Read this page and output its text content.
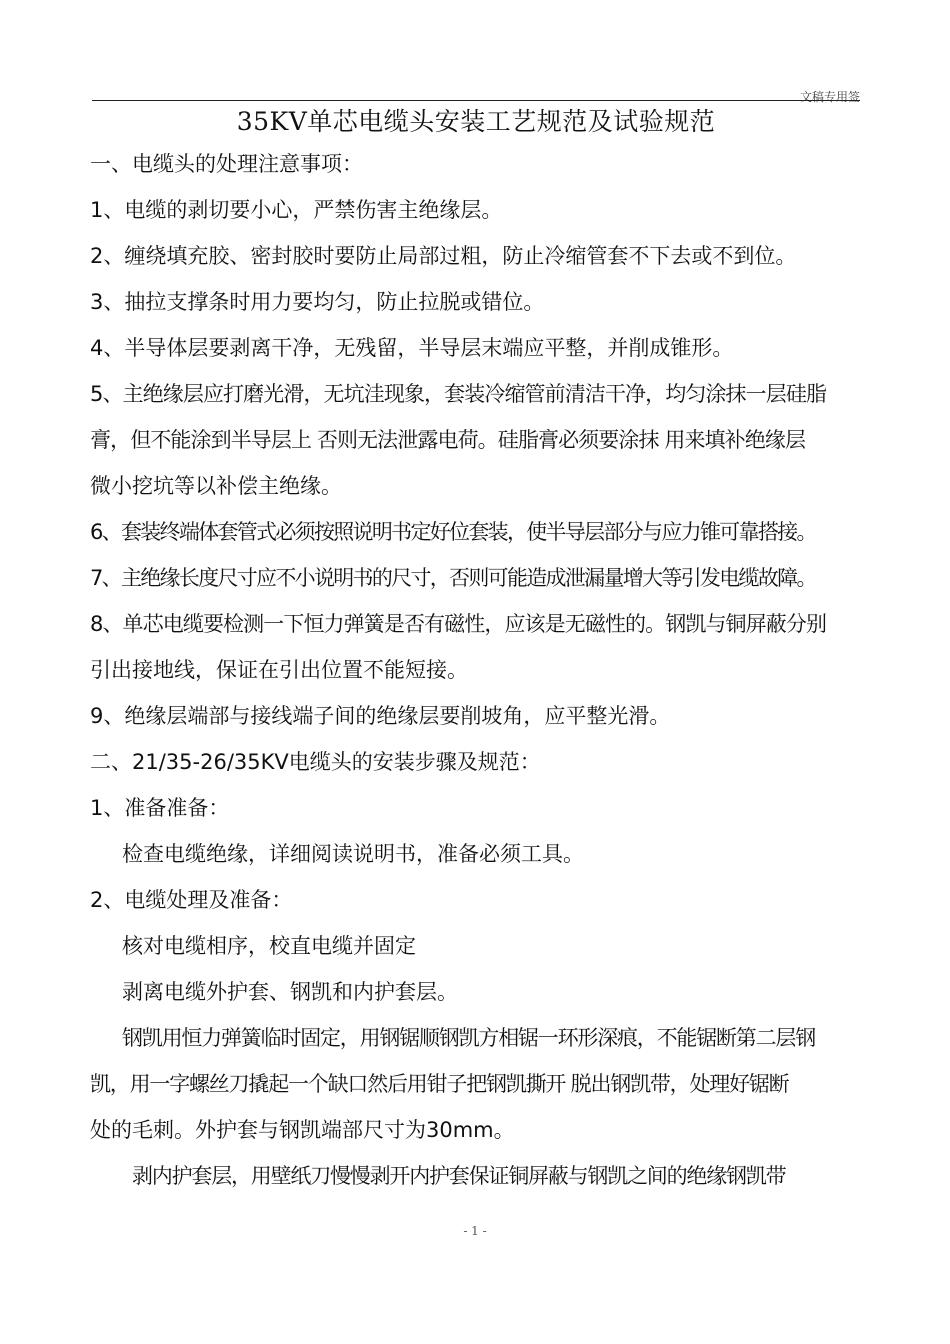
文稿专用签
35KV单芯电缆头安装工艺规范及试验规范
一、电缆头的处理注意事项：
1、电缆的剥切要小心，严禁伤害主绝缘层。
2、缠绕填充胶、密封胶时要防止局部过粗，防止冷缩管套不下去或不到位。
3、抽拉支撑条时用力要均匀，防止拉脱或错位。
4、半导体层要剥离干净，无残留，半导层末端应平整，并削成锥形。
5、主绝缘层应打磨光滑，无坑洼现象，套装冷缩管前清洁干净，均匀涂抹一层硅脂
膏，但不能涂到半导层上 否则无法泄露电荷。硅脂膏必须要涂抹 用来填补绝缘层
微小挖坑等以补偿主绝缘。
6、套装终端体套管式必须按照说明书定好位套装，使半导层部分与应力锥可靠搭接。
7、主绝缘长度尺寸应不小说明书的尺寸，否则可能造成泄漏量增大等引发电缆故障。
8、单芯电缆要检测一下恒力弹簧是否有磁性，应该是无磁性的。钢凯与铜屏蔽分别
引出接地线，保证在引出位置不能短接。
9、绝缘层端部与接线端子间的绝缘层要削坡角，应平整光滑。
二、21/35-26/35KV电缆头的安装步骤及规范：
1、准备准备：
检查电缆绝缘，详细阅读说明书，准备必须工具。
2、电缆处理及准备：
核对电缆相序，校直电缆并固定
剥离电缆外护套、钢凯和内护套层。
钢凯用恒力弹簧临时固定，用钢锯顺钢凯方相锯一环形深痕，不能锯断第二层钢
凯，用一字螺丝刀撬起一个缺口然后用钳子把钢凯撕开 脱出钢凯带，处理好锯断
处的毛刺。外护套与钢凯端部尺寸为30mm。
剥内护套层，用壁纸刀慢慢剥开内护套保证铜屏蔽与钢凯之间的绝缘钢凯带
- 1 -
